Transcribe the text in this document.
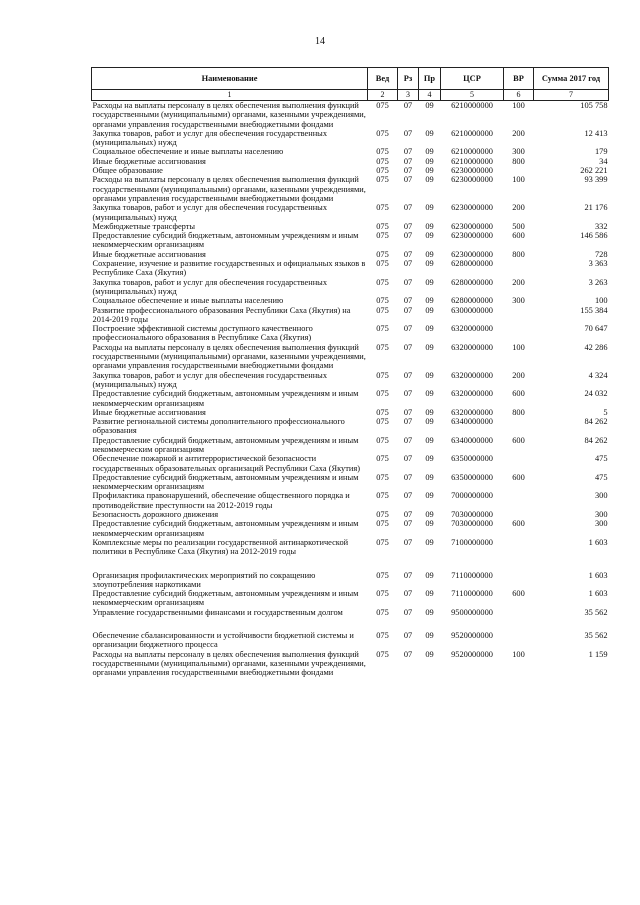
14
Наименование	Вед	Рз	Пр	ЦСР	ВР	Сумма 2017 год
1	2	3	4	5	6	7
Расходы на выплаты персоналу в целях обеспечения выполнения функций государственными (муниципальными) органами, казенными учреждениями, органами управления государственными внебюджетными фондами	075	07	09	6210000000	100	105 758
Закупка товаров, работ и услуг для обеспечения государственных (муниципальных) нужд	075	07	09	6210000000	200	12 413
Социальное обеспечение и иные выплаты населению	075	07	09	6210000000	300	179
Иные бюджетные ассигнования	075	07	09	6210000000	800	34
Общее образование	075	07	09	6230000000		262 221
Расходы на выплаты персоналу в целях обеспечения выполнения функций государственными (муниципальными) органами, казенными учреждениями, органами управления государственными внебюджетными фондами	075	07	09	6230000000	100	93 399
Закупка товаров, работ и услуг для обеспечения государственных (муниципальных) нужд	075	07	09	6230000000	200	21 176
Межбюджетные трансферты	075	07	09	6230000000	500	332
Предоставление субсидий бюджетным, автономным учреждениям и иным некоммерческим организациям	075	07	09	6230000000	600	146 586
Иные бюджетные ассигнования	075	07	09	6230000000	800	728
Сохранение, изучение и развитие государственных и официальных языков в Республике Саха (Якутия)	075	07	09	6280000000		3 363
Закупка товаров, работ и услуг для обеспечения государственных (муниципальных) нужд	075	07	09	6280000000	200	3 263
Социальное обеспечение и иные выплаты населению	075	07	09	6280000000	300	100
Развитие профессионального образования Республики Саха (Якутия) на 2014-2019 годы	075	07	09	6300000000		155 384
Построение эффективной системы доступного качественного профессионального образования в Республике Саха (Якутия)	075	07	09	6320000000		70 647
Расходы на выплаты персоналу в целях обеспечения выполнения функций государственными (муниципальными) органами, казенными учреждениями, органами управления государственными внебюджетными фондами	075	07	09	6320000000	100	42 286
Закупка товаров, работ и услуг для обеспечения государственных (муниципальных) нужд	075	07	09	6320000000	200	4 324
Предоставление субсидий бюджетным, автономным учреждениям и иным некоммерческим организациям	075	07	09	6320000000	600	24 032
Иные бюджетные ассигнования	075	07	09	6320000000	800	5
Развитие региональной системы дополнительного профессионального образования	075	07	09	6340000000		84 262
Предоставление субсидий бюджетным, автономным учреждениям и иным некоммерческим организациям	075	07	09	6340000000	600	84 262
Обеспечение пожарной и антитеррористической безопасности государственных образовательных организаций Республики Саха (Якутия)	075	07	09	6350000000		475
Предоставление субсидий бюджетным, автономным учреждениям и иным некоммерческим организациям	075	07	09	6350000000	600	475
Профилактика правонарушений, обеспечение общественного порядка и противодействие преступности на 2012-2019 годы	075	07	09	7000000000		300
Безопасность дорожного движения	075	07	09	7030000000		300
Предоставление субсидий бюджетным, автономным учреждениям и иным некоммерческим организациям	075	07	09	7030000000	600	300
Комплексные меры по реализации государственной антинаркотической политики в Республике Саха (Якутия) на 2012-2019 годы	075	07	09	7100000000		1 603

Организация профилактических мероприятий по сокращению злоупотребления наркотиками	075	07	09	7110000000		1 603
Предоставление субсидий бюджетным, автономным учреждениям и иным некоммерческим организациям	075	07	09	7110000000	600	1 603
Управление государственными финансами и государственным долгом	075	07	09	9500000000		35 562

Обеспечение сбалансированности и устойчивости бюджетной системы и организации бюджетного процесса	075	07	09	9520000000		35 562
Расходы на выплаты персоналу в целях обеспечения выполнения функций государственными (муниципальными) органами, казенными учреждениями, органами управления государственными внебюджетными фондами	075	07	09	9520000000	100	1 159
